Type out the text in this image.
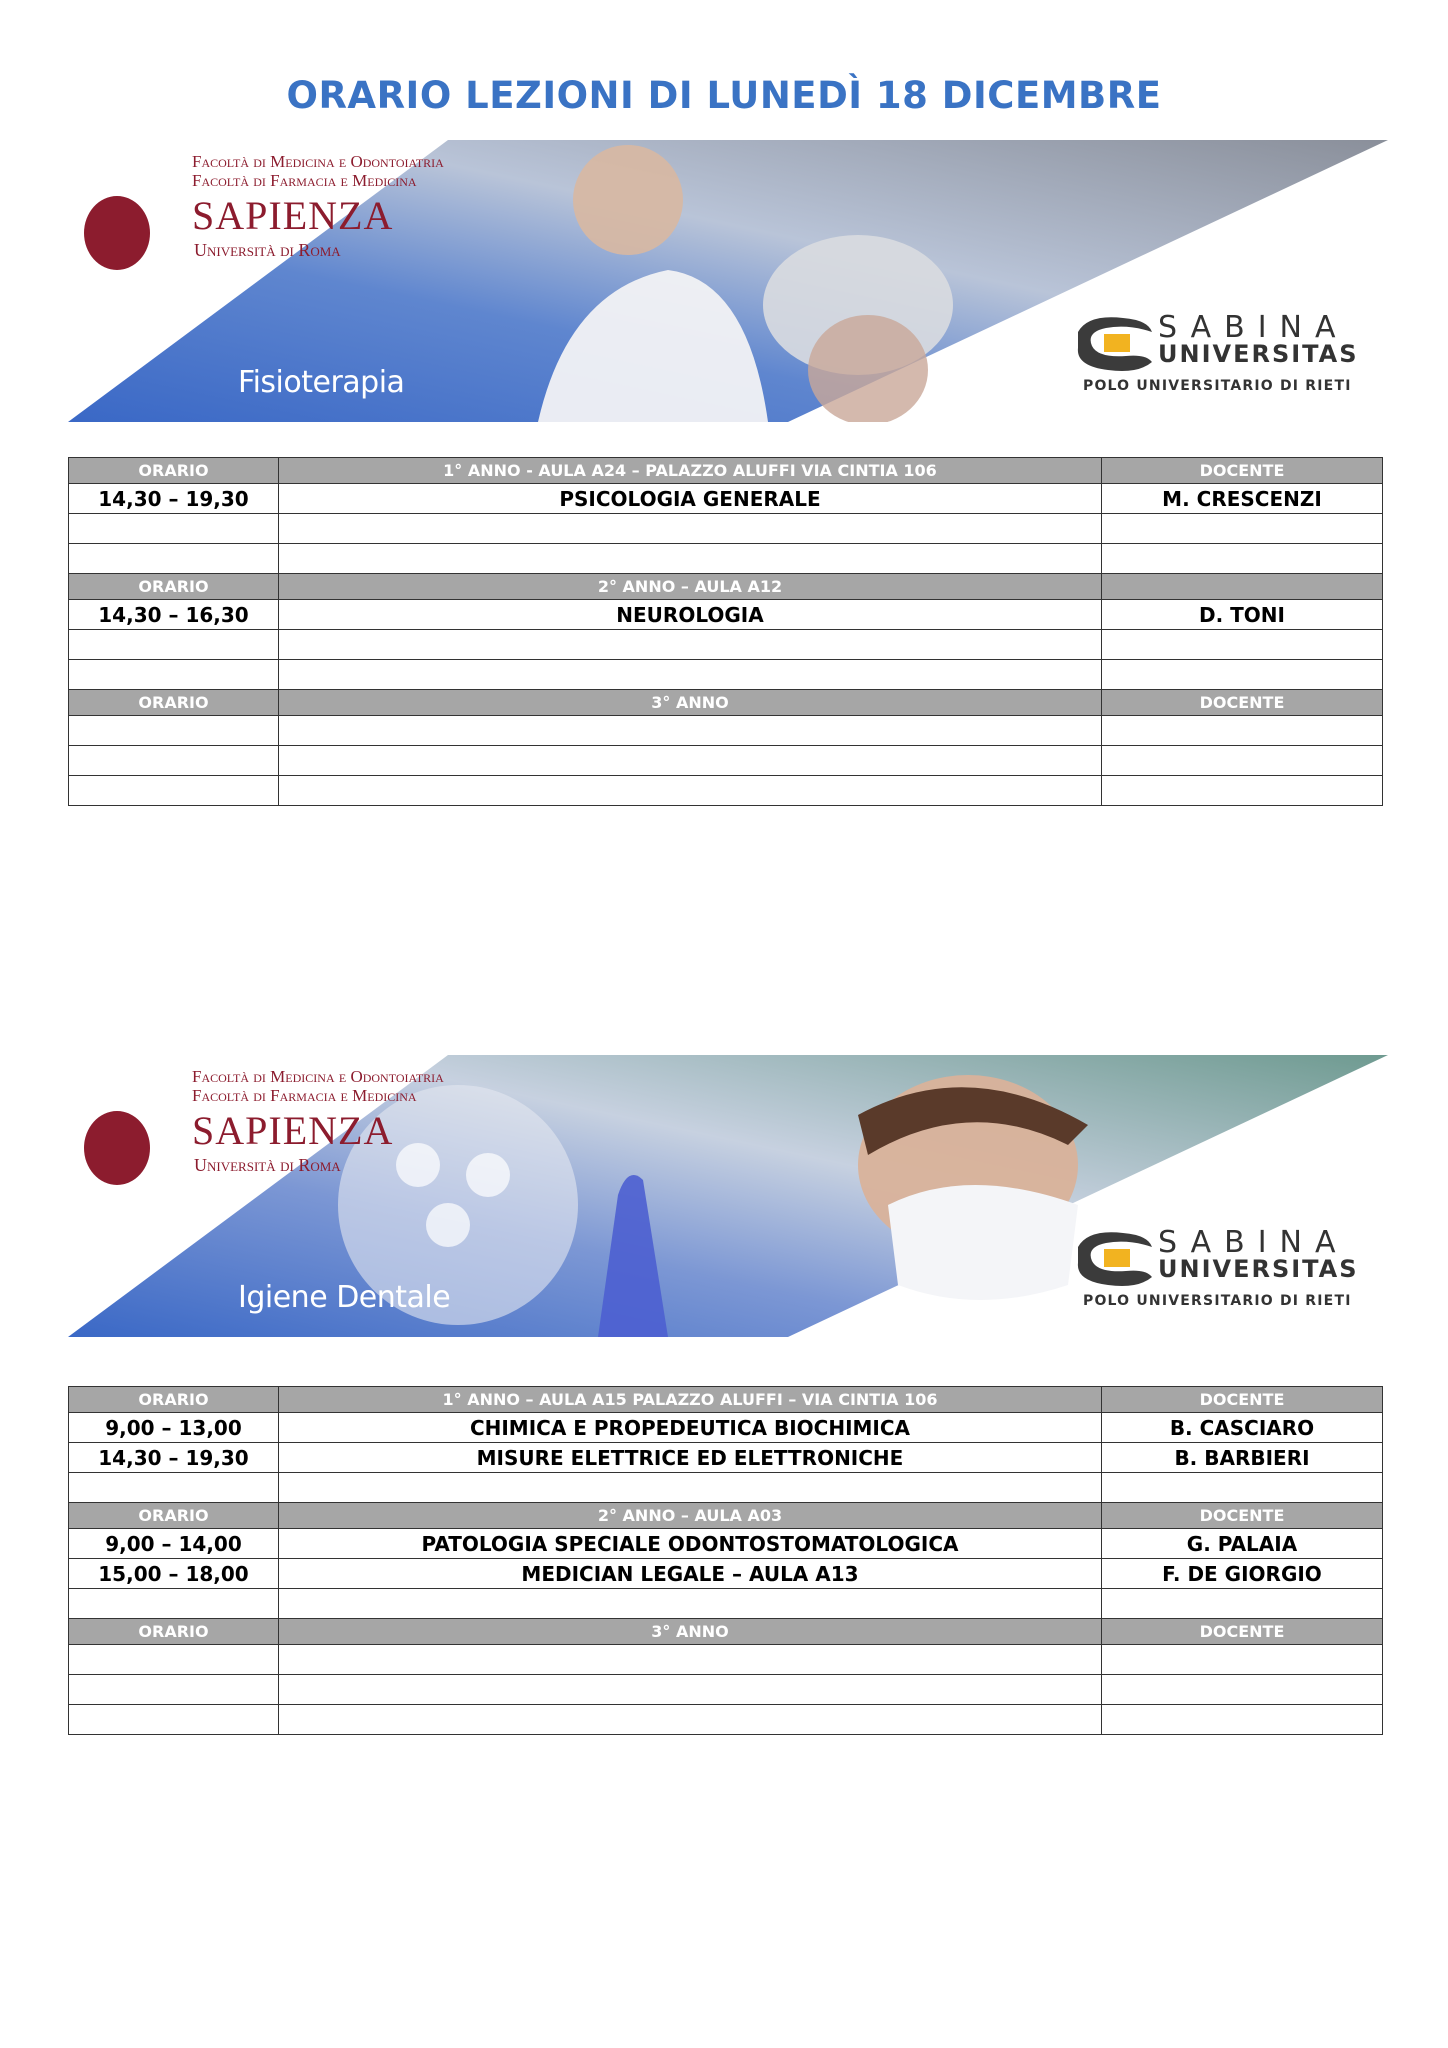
ORARIO LEZIONI DI LUNEDÌ 18 DICEMBRE
Facoltà di Medicina e Odontoiatria
Facoltà di Farmacia e Medicina
SAPIENZA
Università di Roma
Fisioterapia
SABINA
UNIVERSITAS
POLO UNIVERSITARIO DI RIETI
ORARIO	1° ANNO - AULA A24 – PALAZZO ALUFFI VIA CINTIA 106	DOCENTE
14,30 – 19,30	PSICOLOGIA GENERALE	M. CRESCENZI

ORARIO	2° ANNO – AULA A12	
14,30 – 16,30	NEUROLOGIA	D. TONI

ORARIO	3° ANNO	DOCENTE

Facoltà di Medicina e Odontoiatria
Facoltà di Farmacia e Medicina
SAPIENZA
Università di Roma
Igiene Dentale
SABINA
UNIVERSITAS
POLO UNIVERSITARIO DI RIETI
ORARIO	1° ANNO – AULA A15 PALAZZO ALUFFI – VIA CINTIA 106	DOCENTE
9,00 – 13,00	CHIMICA E PROPEDEUTICA BIOCHIMICA	B. CASCIARO
14,30 – 19,30	MISURE ELETTRICE ED ELETTRONICHE	B. BARBIERI

ORARIO	2° ANNO – AULA A03	DOCENTE
9,00 – 14,00	PATOLOGIA SPECIALE ODONTOSTOMATOLOGICA	G. PALAIA
15,00 – 18,00	MEDICIAN LEGALE – AULA A13	F. DE GIORGIO

ORARIO	3° ANNO	DOCENTE
